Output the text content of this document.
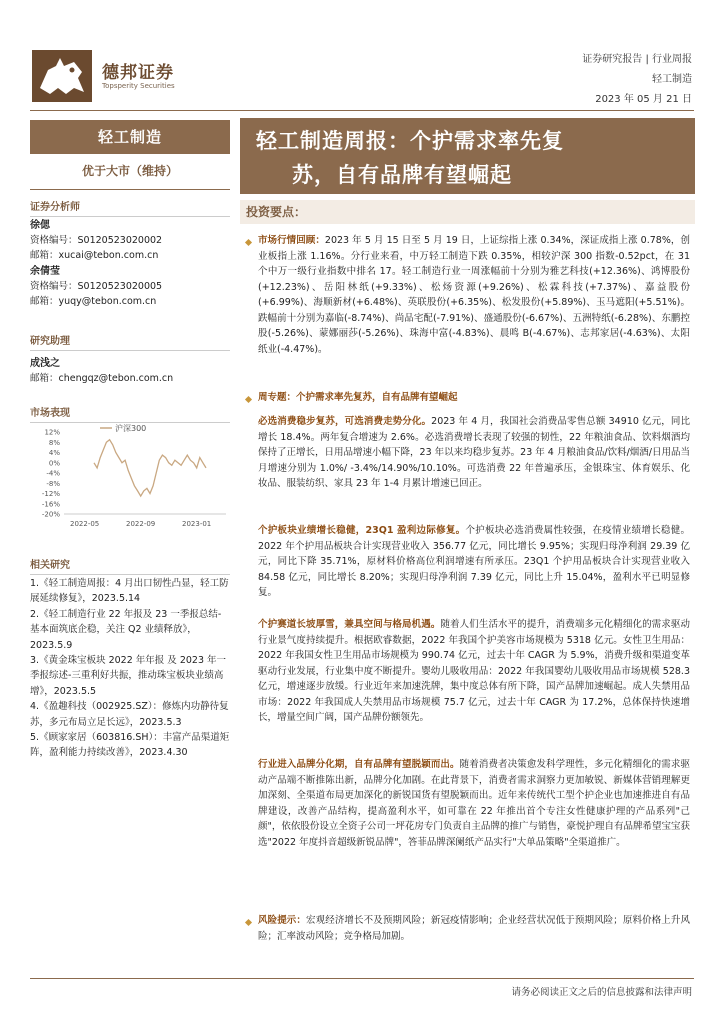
德邦证券
Topsperity Securities
证券研究报告 | 行业周报
轻工制造
2023 年 05 月 21 日
轻工制造
优于大市（维持）
证券分析师
徐偲
资格编号：S0120523020002
邮箱：xucai@tebon.com.cn
余倩莹
资格编号：S0120523020005
邮箱：yuqy@tebon.com.cn
研究助理
成浅之
邮箱：chengqz@tebon.com.cn
市场表现
12%
8%
4%
0%
-4%
-8%
-12%
-16%
-20%
2022-05	2022-09	2023-01
沪深300
相关研究
1.《轻工制造周报：4 月出口韧性凸显，轻工防展延续修复》，2023.5.14
2.《轻工制造行业 22 年报及 23 一季报总结-基本面筑底企稳，关注 Q2 业绩释放》，2023.5.9
3.《黄金珠宝板块 2022 年年报 及 2023 年一季报综述-三重利好共振，推动珠宝板块业绩高增》，2023.5.5
4.《盈趣科技（002925.SZ）：修炼内功静待复苏，多元布局立足长远》，2023.5.3
5.《顾家家居（603816.SH）：丰富产品渠道矩阵，盈利能力持续改善》，2023.4.30
轻工制造周报：个护需求率先复
苏，自有品牌有望崛起
投资要点：
市场行情回顾：2023 年 5 月 15 日至 5 月 19 日，上证综指上涨 0.34%，深证成指上涨 0.78%，创业板指上涨 1.16%。分行业来看，中万轻工制造下跌 0.35%，相较沪深 300 指数-0.52pct，在 31 个中万一级行业指数中排名 17。轻工制造行业一周涨幅前十分别为雅艺科技(+12.36%)、鸿博股份(+12.23%)、岳阳林纸(+9.33%)、松炀资源(+9.26%)、松霖科技(+7.37%)、嘉益股份(+6.99%)、海顺新材(+6.48%)、英联股份(+6.35%)、松发股份(+5.89%)、玉马遮阳(+5.51%)。跌幅前十分别为嘉临(-8.74%)、尚品宅配(-7.91%)、盛通股份(-6.67%)、五洲特纸(-6.28%)、东鹏控股(-5.26%)、蒙娜丽莎(-5.26%)、珠海中富(-4.83%)、晨鸣 B(-4.67%)、志邦家居(-4.63%)、太阳纸业(-4.47%)。
周专题：个护需求率先复苏，自有品牌有望崛起
必选消费稳步复苏，可选消费走势分化。2023 年 4 月，我国社会消费品零售总额 34910 亿元，同比增长 18.4%。两年复合增速为 2.6%。必选消费增长表现了较强的韧性，22 年粮油食品、饮料烟酒均保持了正增长，日用品增速小幅下降，23 年以来均稳步复苏。23 年 4 月粮油食品/饮料/烟酒/日用品当月增速分别为 1.0%/ -3.4%/14.90%/10.10%。可选消费 22 年普遍承压，金银珠宝、体育娱乐、化妆品、服装纺织、家具 23 年 1-4 月累计增速已回正。
个护板块业绩增长稳健，23Q1 盈利边际修复。个护板块必选消费属性较强，在疫情业绩增长稳健。2022 年个护用品板块合计实现营业收入 356.77 亿元，同比增长 9.95%；实现归母净利润 29.39 亿元，同比下降 35.71%，原材料价格高位利润增速有所承压。23Q1 个护用品板块合计实现营业收入 84.58 亿元，同比增长 8.20%；实现归母净利润 7.39 亿元，同比上升 15.04%，盈利水平已明显修复。
个护赛道长坡厚雪，兼具空间与格局机遇。随着人们生活水平的提升，消费端多元化精细化的需求驱动行业景气度持续提升。根据欧睿数据，2022 年我国个护美容市场规模为 5318 亿元。女性卫生用品：2022 年我国女性卫生用品市场规模为 990.74 亿元，过去十年 CAGR 为 5.9%，消费升级和渠道变革驱动行业发展，行业集中度不断提升。婴幼儿吸收用品：2022 年我国婴幼儿吸收用品市场规模 528.3 亿元，增速逐步放缓。行业近年来加速洗牌，集中度总体有所下降，国产品牌加速崛起。成人失禁用品市场：2022 年我国成人失禁用品市场规模 75.7 亿元，过去十年 CAGR 为 17.2%，总体保持快速增长，增量空间广阔，国产品牌份额领先。
行业进入品牌分化期，自有品牌有望脱颖而出。随着消费者决策愈发科学理性，多元化精细化的需求驱动产品端不断推陈出新，品牌分化加剧。在此背景下，消费者需求洞察力更加敏锐、新媒体营销理解更加深刻、全渠道布局更加深化的新锐国货有望脱颖而出。近年来传统代工型个护企业也加速推进自有品牌建设，改善产品结构，提高盈利水平，如可靠在 22 年推出首个专注女性健康护理的产品系列"己颜"，依依股份设立全资子公司一坪花房专门负责自主品牌的推广与销售，豪悦护理自有品牌希望宝宝获选"2022 年度抖音超级新锐品牌"，答菲品牌深阑纸产品实行"大单品策略"全渠道推广。
风险提示：宏观经济增长不及预期风险；新冠疫情影响；企业经营状况低于预期风险；原料价格上升风险；汇率波动风险；竞争格局加剧。
请务必阅读正文之后的信息披露和法律声明
